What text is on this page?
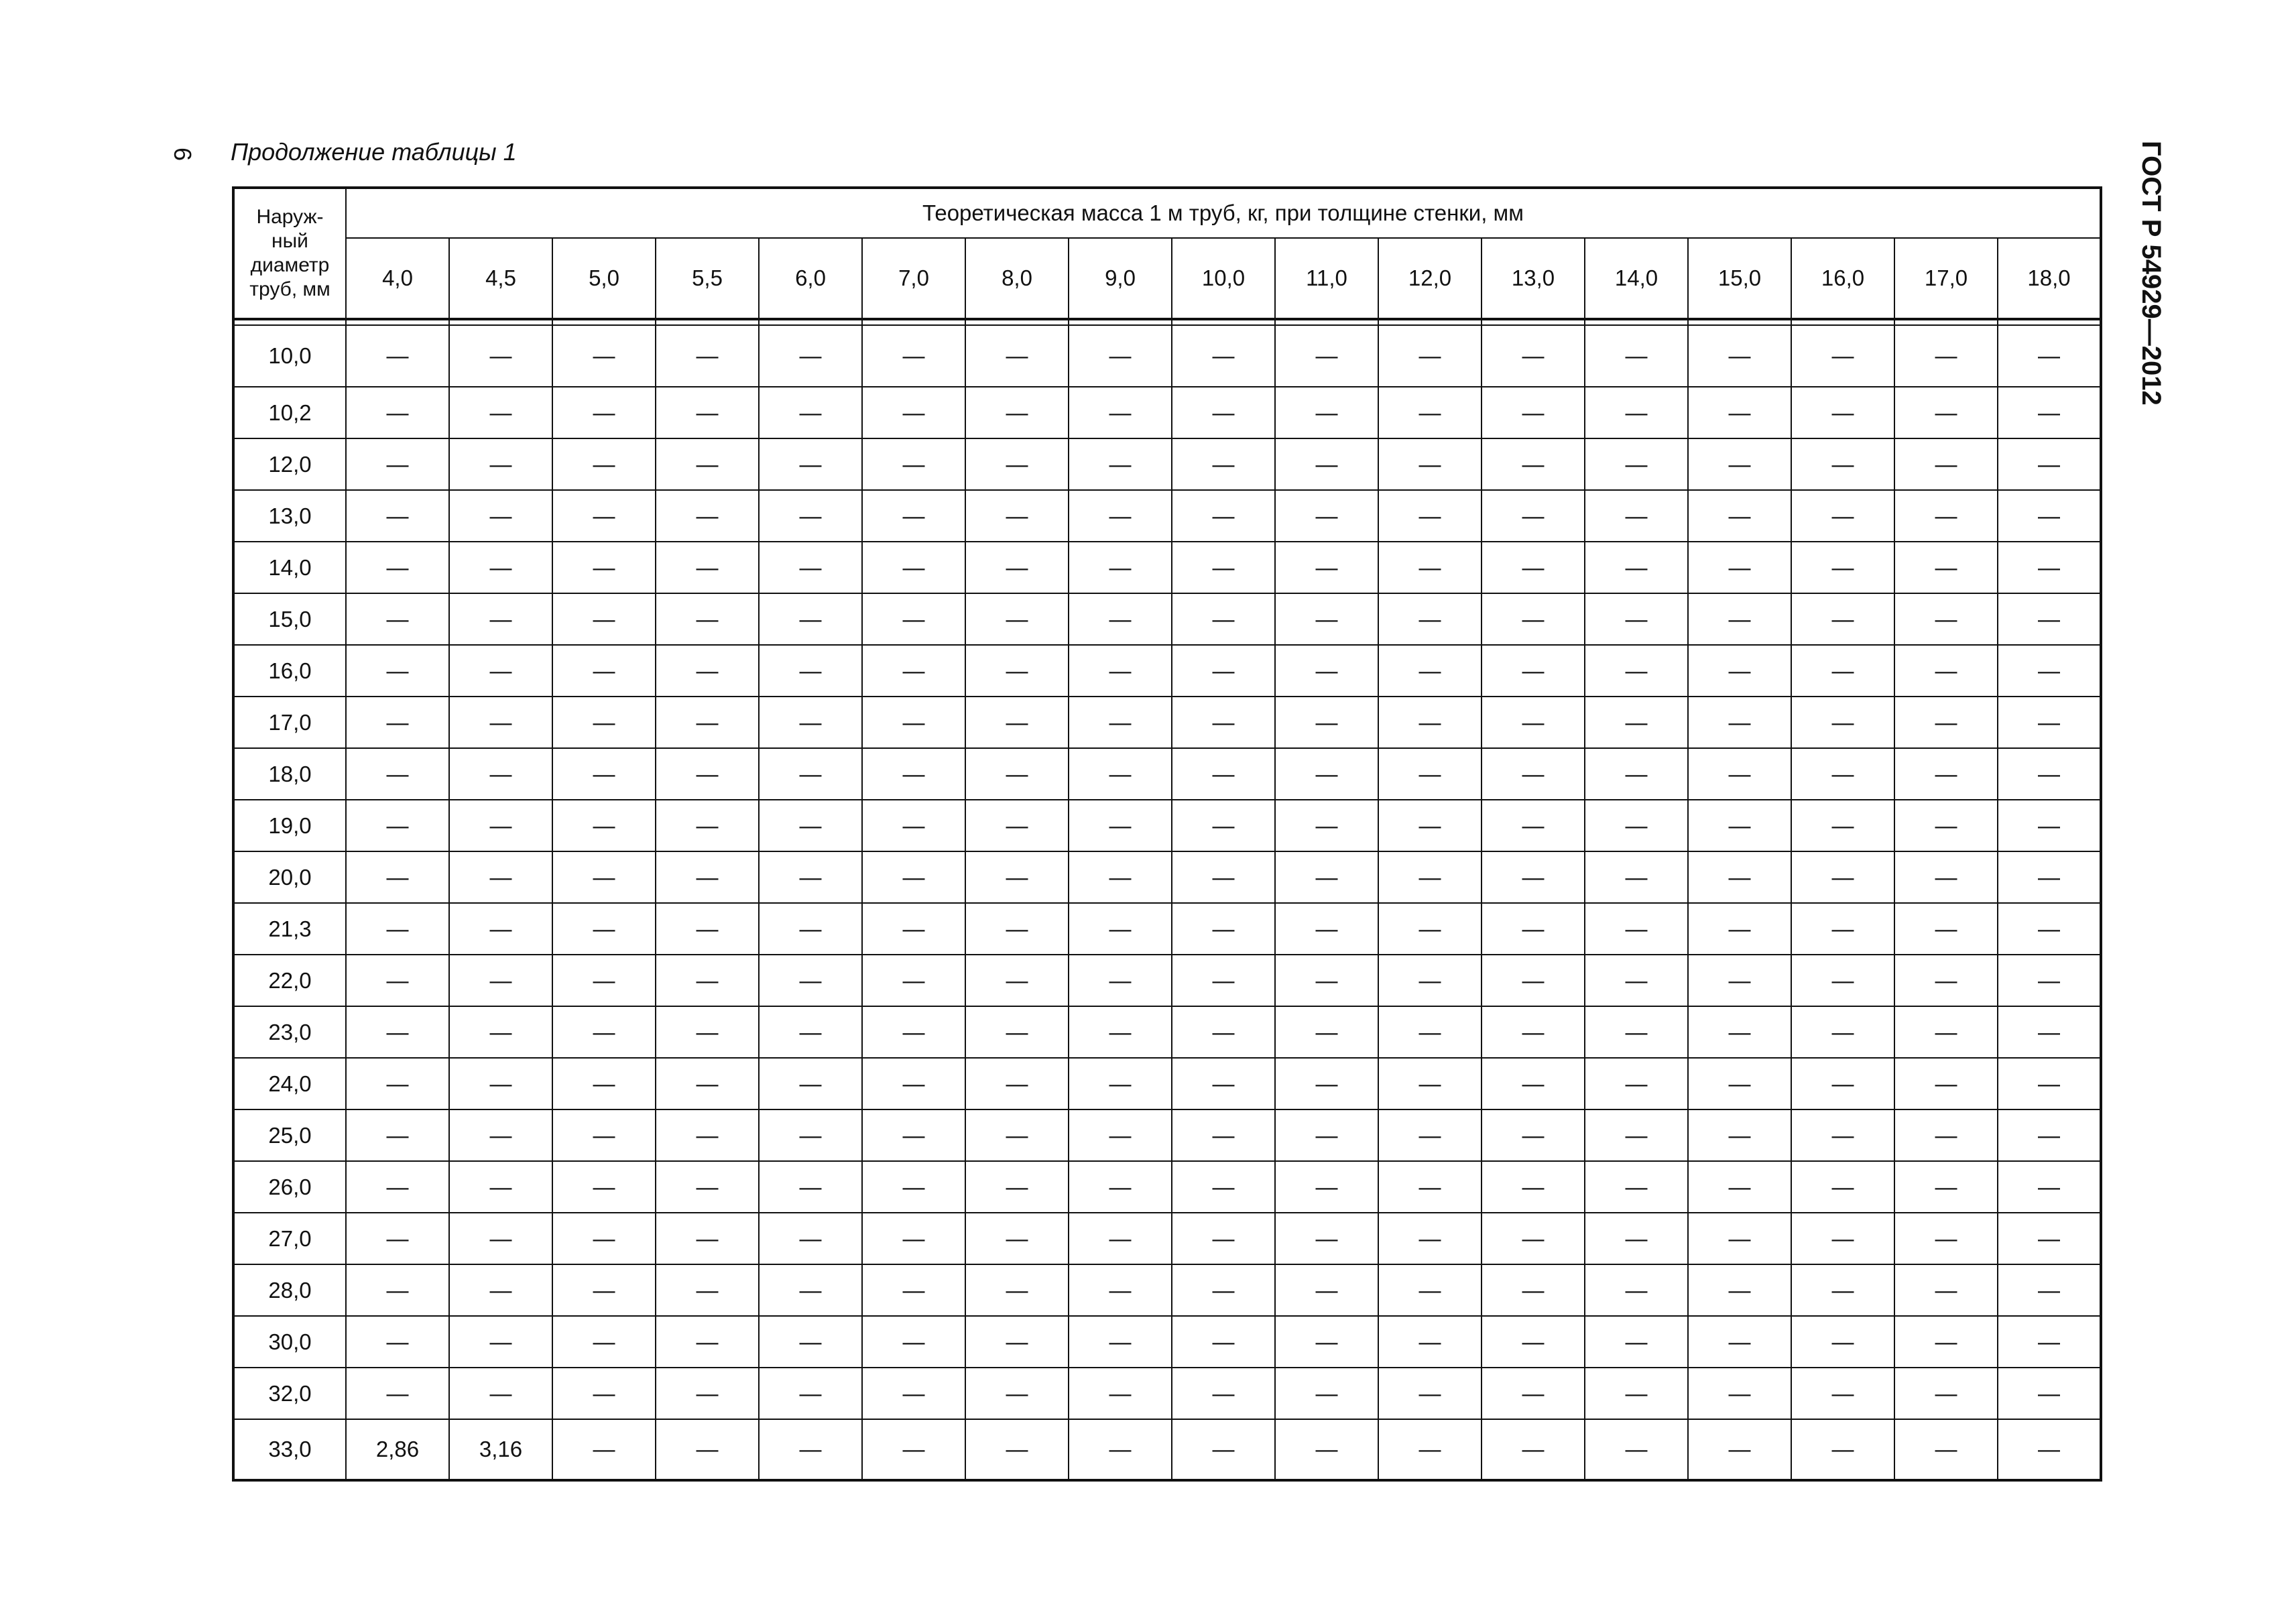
6 Продолжение таблицы 1	ГОСТ Р 54929—2012
Наруж-
ный
диаметр
труб, мм	Теоретическая масса 1 м труб, кг, при толщине стенки, мм																
	4,0	4,5	5,0	5,5	6,0	7,0	8,0	9,0	10,0	11,0	12,0	13,0	14,0	15,0	16,0	17,0	18,0

10,0	—	—	—	—	—	—	—	—	—	—	—	—	—	—	—	—	—
10,2	—	—	—	—	—	—	—	—	—	—	—	—	—	—	—	—	—
12,0	—	—	—	—	—	—	—	—	—	—	—	—	—	—	—	—	—
13,0	—	—	—	—	—	—	—	—	—	—	—	—	—	—	—	—	—
14,0	—	—	—	—	—	—	—	—	—	—	—	—	—	—	—	—	—
15,0	—	—	—	—	—	—	—	—	—	—	—	—	—	—	—	—	—
16,0	—	—	—	—	—	—	—	—	—	—	—	—	—	—	—	—	—
17,0	—	—	—	—	—	—	—	—	—	—	—	—	—	—	—	—	—
18,0	—	—	—	—	—	—	—	—	—	—	—	—	—	—	—	—	—
19,0	—	—	—	—	—	—	—	—	—	—	—	—	—	—	—	—	—
20,0	—	—	—	—	—	—	—	—	—	—	—	—	—	—	—	—	—
21,3	—	—	—	—	—	—	—	—	—	—	—	—	—	—	—	—	—
22,0	—	—	—	—	—	—	—	—	—	—	—	—	—	—	—	—	—
23,0	—	—	—	—	—	—	—	—	—	—	—	—	—	—	—	—	—
24,0	—	—	—	—	—	—	—	—	—	—	—	—	—	—	—	—	—
25,0	—	—	—	—	—	—	—	—	—	—	—	—	—	—	—	—	—
26,0	—	—	—	—	—	—	—	—	—	—	—	—	—	—	—	—	—
27,0	—	—	—	—	—	—	—	—	—	—	—	—	—	—	—	—	—
28,0	—	—	—	—	—	—	—	—	—	—	—	—	—	—	—	—	—
30,0	—	—	—	—	—	—	—	—	—	—	—	—	—	—	—	—	—
32,0	—	—	—	—	—	—	—	—	—	—	—	—	—	—	—	—	—
33,0	2,86	3,16	—	—	—	—	—	—	—	—	—	—	—	—	—	—	—
